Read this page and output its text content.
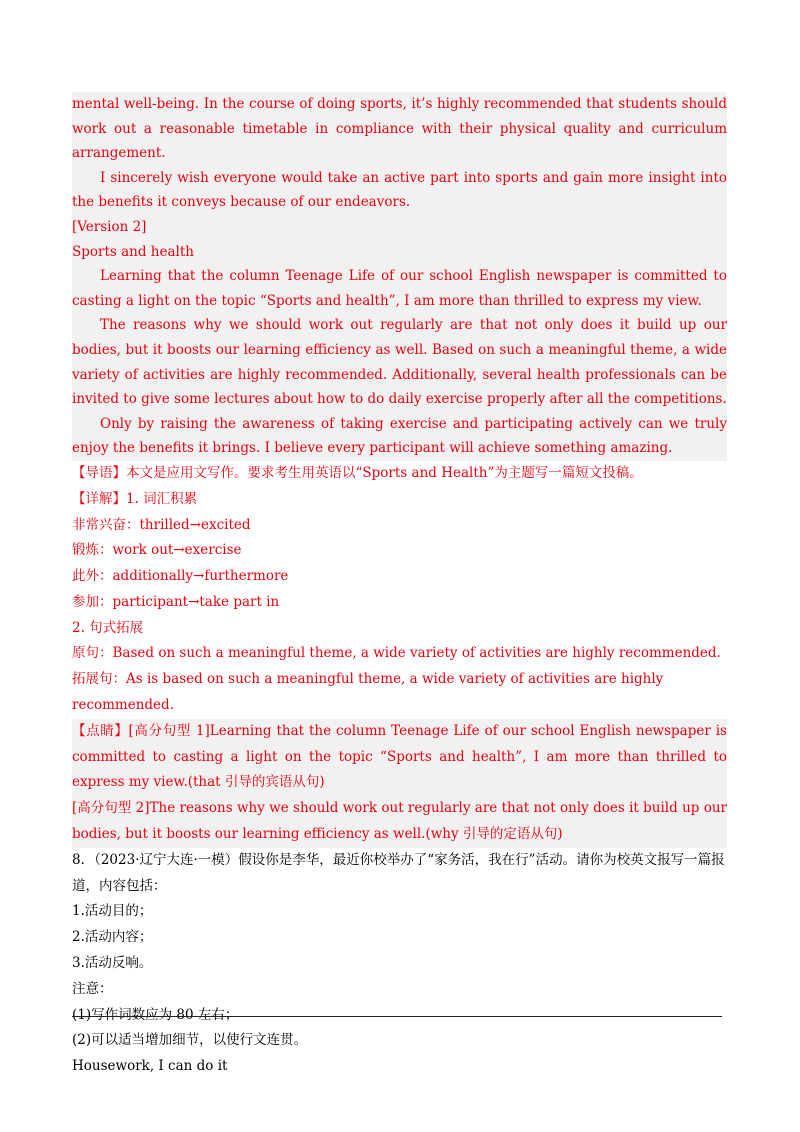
mental well-being. In the course of doing sports, it’s highly recommended that students should work out a reasonable timetable in compliance with their physical quality and curriculum arrangement.

I sincerely wish everyone would take an active part into sports and gain more insight into the benefits it conveys because of our endeavors.

[Version 2]

Sports and health

Learning that the column Teenage Life of our school English newspaper is committed to casting a light on the topic “Sports and health”, I am more than thrilled to express my view.

The reasons why we should work out regularly are that not only does it build up our bodies, but it boosts our learning efficiency as well. Based on such a meaningful theme, a wide variety of activities are highly recommended. Additionally, several health professionals can be invited to give some lectures about how to do daily exercise properly after all the competitions.

Only by raising the awareness of taking exercise and participating actively can we truly enjoy the benefits it brings. I believe every participant will achieve something amazing.

【导语】本文是应用文写作。要求考生用英语以“Sports and Health”为主题写一篇短文投稿。

【详解】1. 词汇积累

非常兴奋：thrilled→excited

锻炼：work out→exercise

此外：additionally→furthermore

参加：participant→take part in

2. 句式拓展

原句：Based on such a meaningful theme, a wide variety of activities are highly recommended.

拓展句：As is based on such a meaningful theme, a wide variety of activities are highly recommended.

【点睛】[高分句型 1]Learning that the column Teenage Life of our school English newspaper is committed to casting a light on the topic “Sports and health”, I am more than thrilled to express my view.(that 引导的宾语从句)

[高分句型 2]The reasons why we should work out regularly are that not only does it build up our bodies, but it boosts our learning efficiency as well.(why 引导的定语从句)

8．（2023·辽宁大连·一模）假设你是李华，最近你校举办了“家务活，我在行”活动。请你为校英文报写一篇报道，内容包括：

1.活动目的；

2.活动内容；

3.活动反响。

注意：

(1)写作词数应为 80 左右；

(2)可以适当增加细节，以使行文连贯。

Housework, I can do it
